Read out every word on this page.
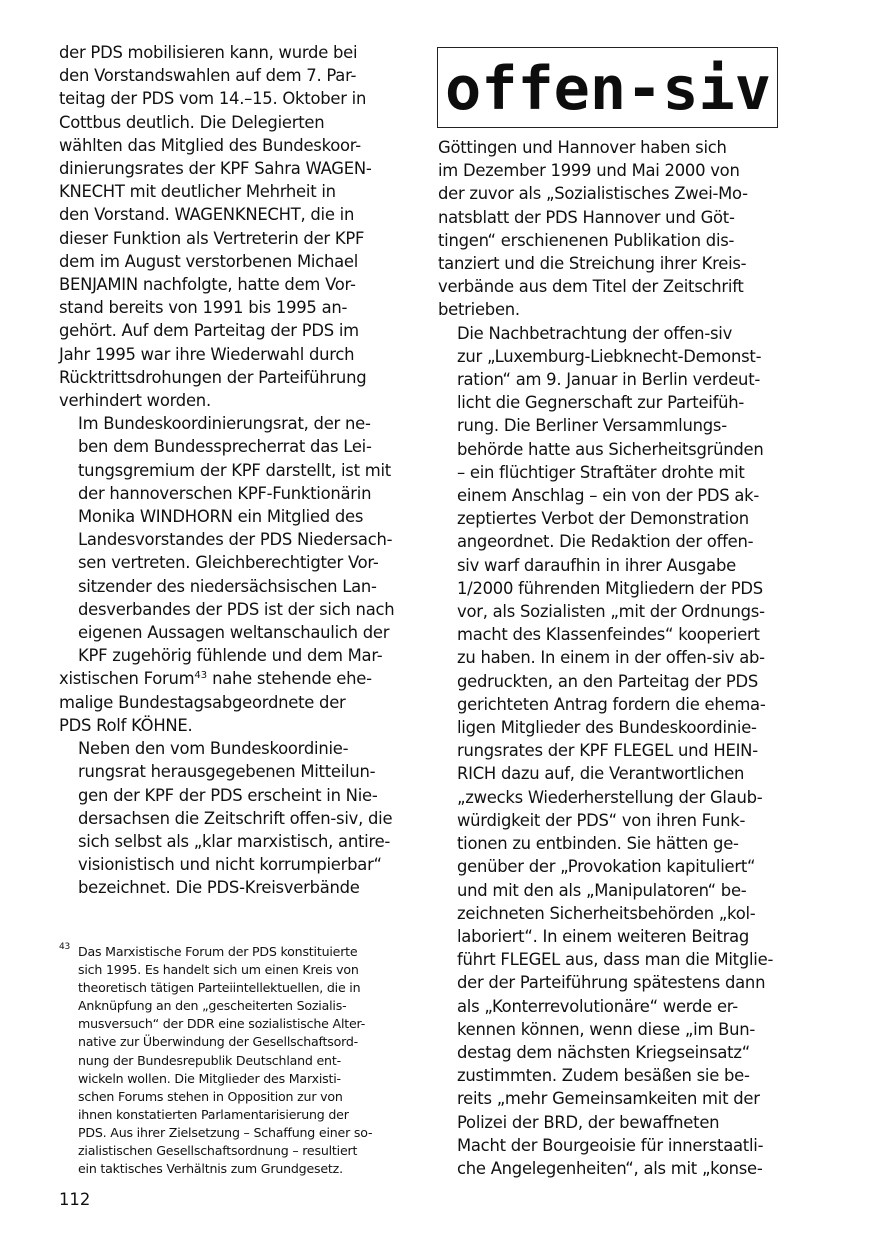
der PDS mobilisieren kann, wurde bei
den Vorstandswahlen auf dem 7. Par-
teitag der PDS vom 14.–15. Oktober in
Cottbus deutlich. Die Delegierten
wählten das Mitglied des Bundeskoor-
dinierungsrates der KPF Sahra WAGEN-
KNECHT mit deutlicher Mehrheit in
den Vorstand. WAGENKNECHT, die in
dieser Funktion als Vertreterin der KPF
dem im August verstorbenen Michael
BENJAMIN nachfolgte, hatte dem Vor-
stand bereits von 1991 bis 1995 an-
gehört. Auf dem Parteitag der PDS im
Jahr 1995 war ihre Wiederwahl durch
Rücktrittsdrohungen der Parteiführung
verhindert worden.
Im Bundeskoordinierungsrat, der ne-
ben dem Bundessprecherrat das Lei-
tungsgremium der KPF darstellt, ist mit
der hannoverschen KPF-Funktionärin
Monika WINDHORN ein Mitglied des
Landesvorstandes der PDS Niedersach-
sen vertreten. Gleichberechtigter Vor-
sitzender des niedersächsischen Lan-
desverbandes der PDS ist der sich nach
eigenen Aussagen weltanschaulich der
KPF zugehörig fühlende und dem Mar-
xistischen Forum$^{43}$ nahe stehende ehe-
malige Bundestagsabgeordnete der
PDS Rolf KÖHNE.
Neben den vom Bundeskoordinie-
rungsrat herausgegebenen Mitteilun-
gen der KPF der PDS erscheint in Nie-
dersachsen die Zeitschrift offen-siv, die
sich selbst als „klar marxistisch, antire-
visionistisch und nicht korrumpierbar“
bezeichnet. Die PDS-Kreisverbände
offen-siv
Göttingen und Hannover haben sich
im Dezember 1999 und Mai 2000 von
der zuvor als „Sozialistisches Zwei-Mo-
natsblatt der PDS Hannover und Göt-
tingen“ erschienenen Publikation dis-
tanziert und die Streichung ihrer Kreis-
verbände aus dem Titel der Zeitschrift
betrieben.
Die Nachbetrachtung der offen-siv
zur „Luxemburg-Liebknecht-Demonst-
ration“ am 9. Januar in Berlin verdeut-
licht die Gegnerschaft zur Parteifüh-
rung. Die Berliner Versammlungs-
behörde hatte aus Sicherheitsgründen
– ein flüchtiger Straftäter drohte mit
einem Anschlag – ein von der PDS ak-
zeptiertes Verbot der Demonstration
angeordnet. Die Redaktion der offen-
siv warf daraufhin in ihrer Ausgabe
1/2000 führenden Mitgliedern der PDS
vor, als Sozialisten „mit der Ordnungs-
macht des Klassenfeindes“ kooperiert
zu haben. In einem in der offen-siv ab-
gedruckten, an den Parteitag der PDS
gerichteten Antrag fordern die ehema-
ligen Mitglieder des Bundeskoordinie-
rungsrates der KPF FLEGEL und HEIN-
RICH dazu auf, die Verantwortlichen
„zwecks Wiederherstellung der Glaub-
würdigkeit der PDS“ von ihren Funk-
tionen zu entbinden. Sie hätten ge-
genüber der „Provokation kapituliert“
und mit den als „Manipulatoren“ be-
zeichneten Sicherheitsbehörden „kol-
laboriert“. In einem weiteren Beitrag
führt FLEGEL aus, dass man die Mitglie-
der der Parteiführung spätestens dann
als „Konterrevolutionäre“ werde er-
kennen können, wenn diese „im Bun-
destag dem nächsten Kriegseinsatz“
zustimmten. Zudem besäßen sie be-
reits „mehr Gemeinsamkeiten mit der
Polizei der BRD, der bewaffneten
Macht der Bourgeoisie für innerstaatli-
che Angelegenheiten“, als mit „konse-
43 Das Marxistische Forum der PDS konstituierte
sich 1995. Es handelt sich um einen Kreis von
theoretisch tätigen Parteiintellektuellen, die in
Anknüpfung an den „gescheiterten Sozialis-
musversuch“ der DDR eine sozialistische Alter-
native zur Überwindung der Gesellschaftsord-
nung der Bundesrepublik Deutschland ent-
wickeln wollen. Die Mitglieder des Marxisti-
schen Forums stehen in Opposition zur von
ihnen konstatierten Parlamentarisierung der
PDS. Aus ihrer Zielsetzung – Schaffung einer so-
zialistischen Gesellschaftsordnung – resultiert
ein taktisches Verhältnis zum Grundgesetz.
112
